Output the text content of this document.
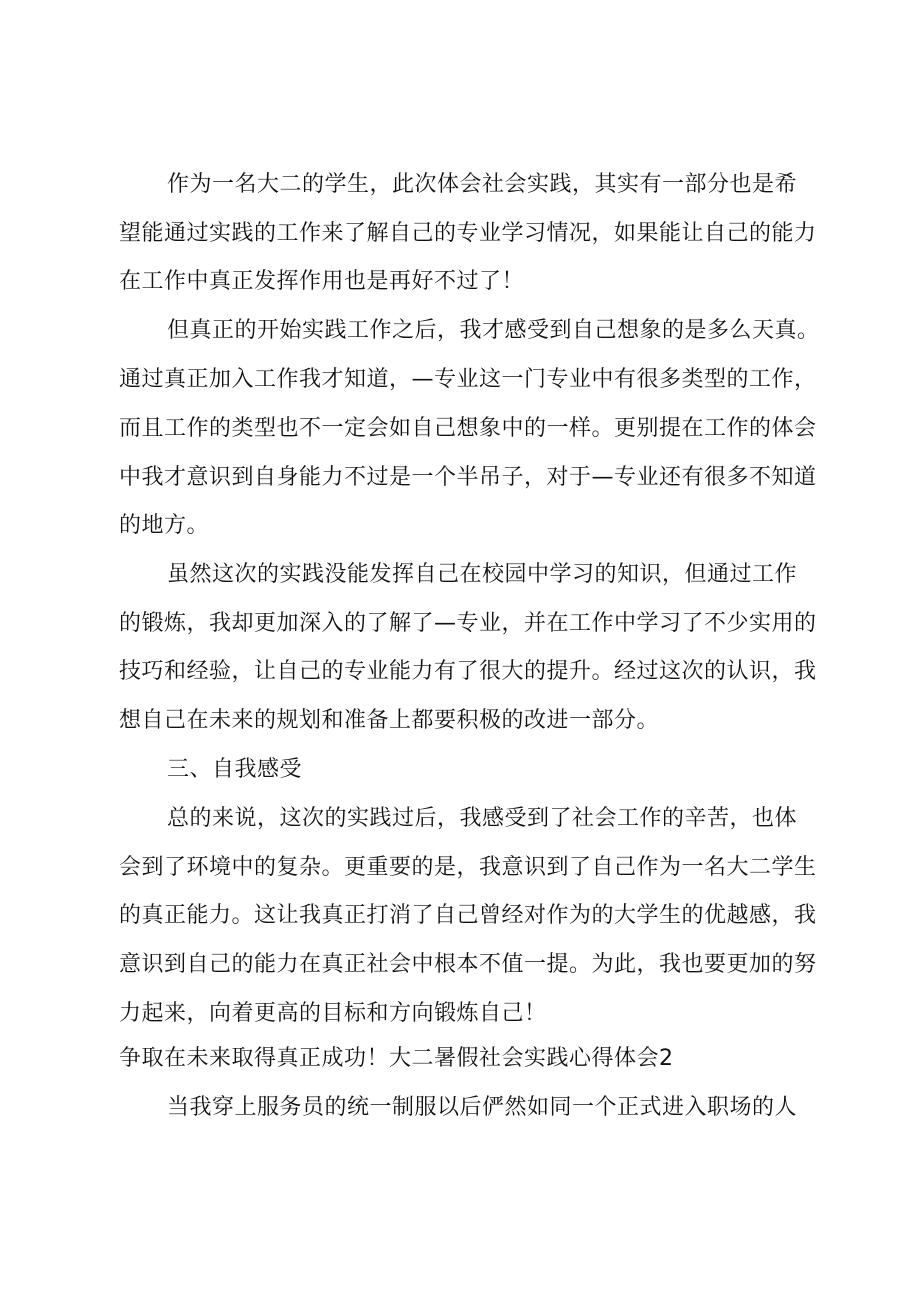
作为一名大二的学生，此次体会社会实践，其实有一部分也是希
望能通过实践的工作来了解自己的专业学习情况，如果能让自己的能力
在工作中真正发挥作用也是再好不过了！
但真正的开始实践工作之后，我才感受到自己想象的是多么天真。
通过真正加入工作我才知道，—专业这一门专业中有很多类型的工作，
而且工作的类型也不一定会如自己想象中的一样。更别提在工作的体会
中我才意识到自身能力不过是一个半吊子，对于—专业还有很多不知道
的地方。
虽然这次的实践没能发挥自己在校园中学习的知识，但通过工作
的锻炼，我却更加深入的了解了—专业，并在工作中学习了不少实用的
技巧和经验，让自己的专业能力有了很大的提升。经过这次的认识，我
想自己在未来的规划和准备上都要积极的改进一部分。
三、自我感受
总的来说，这次的实践过后，我感受到了社会工作的辛苦，也体
会到了环境中的复杂。更重要的是，我意识到了自己作为一名大二学生
的真正能力。这让我真正打消了自己曾经对作为的大学生的优越感，我
意识到自己的能力在真正社会中根本不值一提。为此，我也要更加的努
力起来，向着更高的目标和方向锻炼自己！
争取在未来取得真正成功！大二暑假社会实践心得体会2
当我穿上服务员的统一制服以后俨然如同一个正式进入职场的人
